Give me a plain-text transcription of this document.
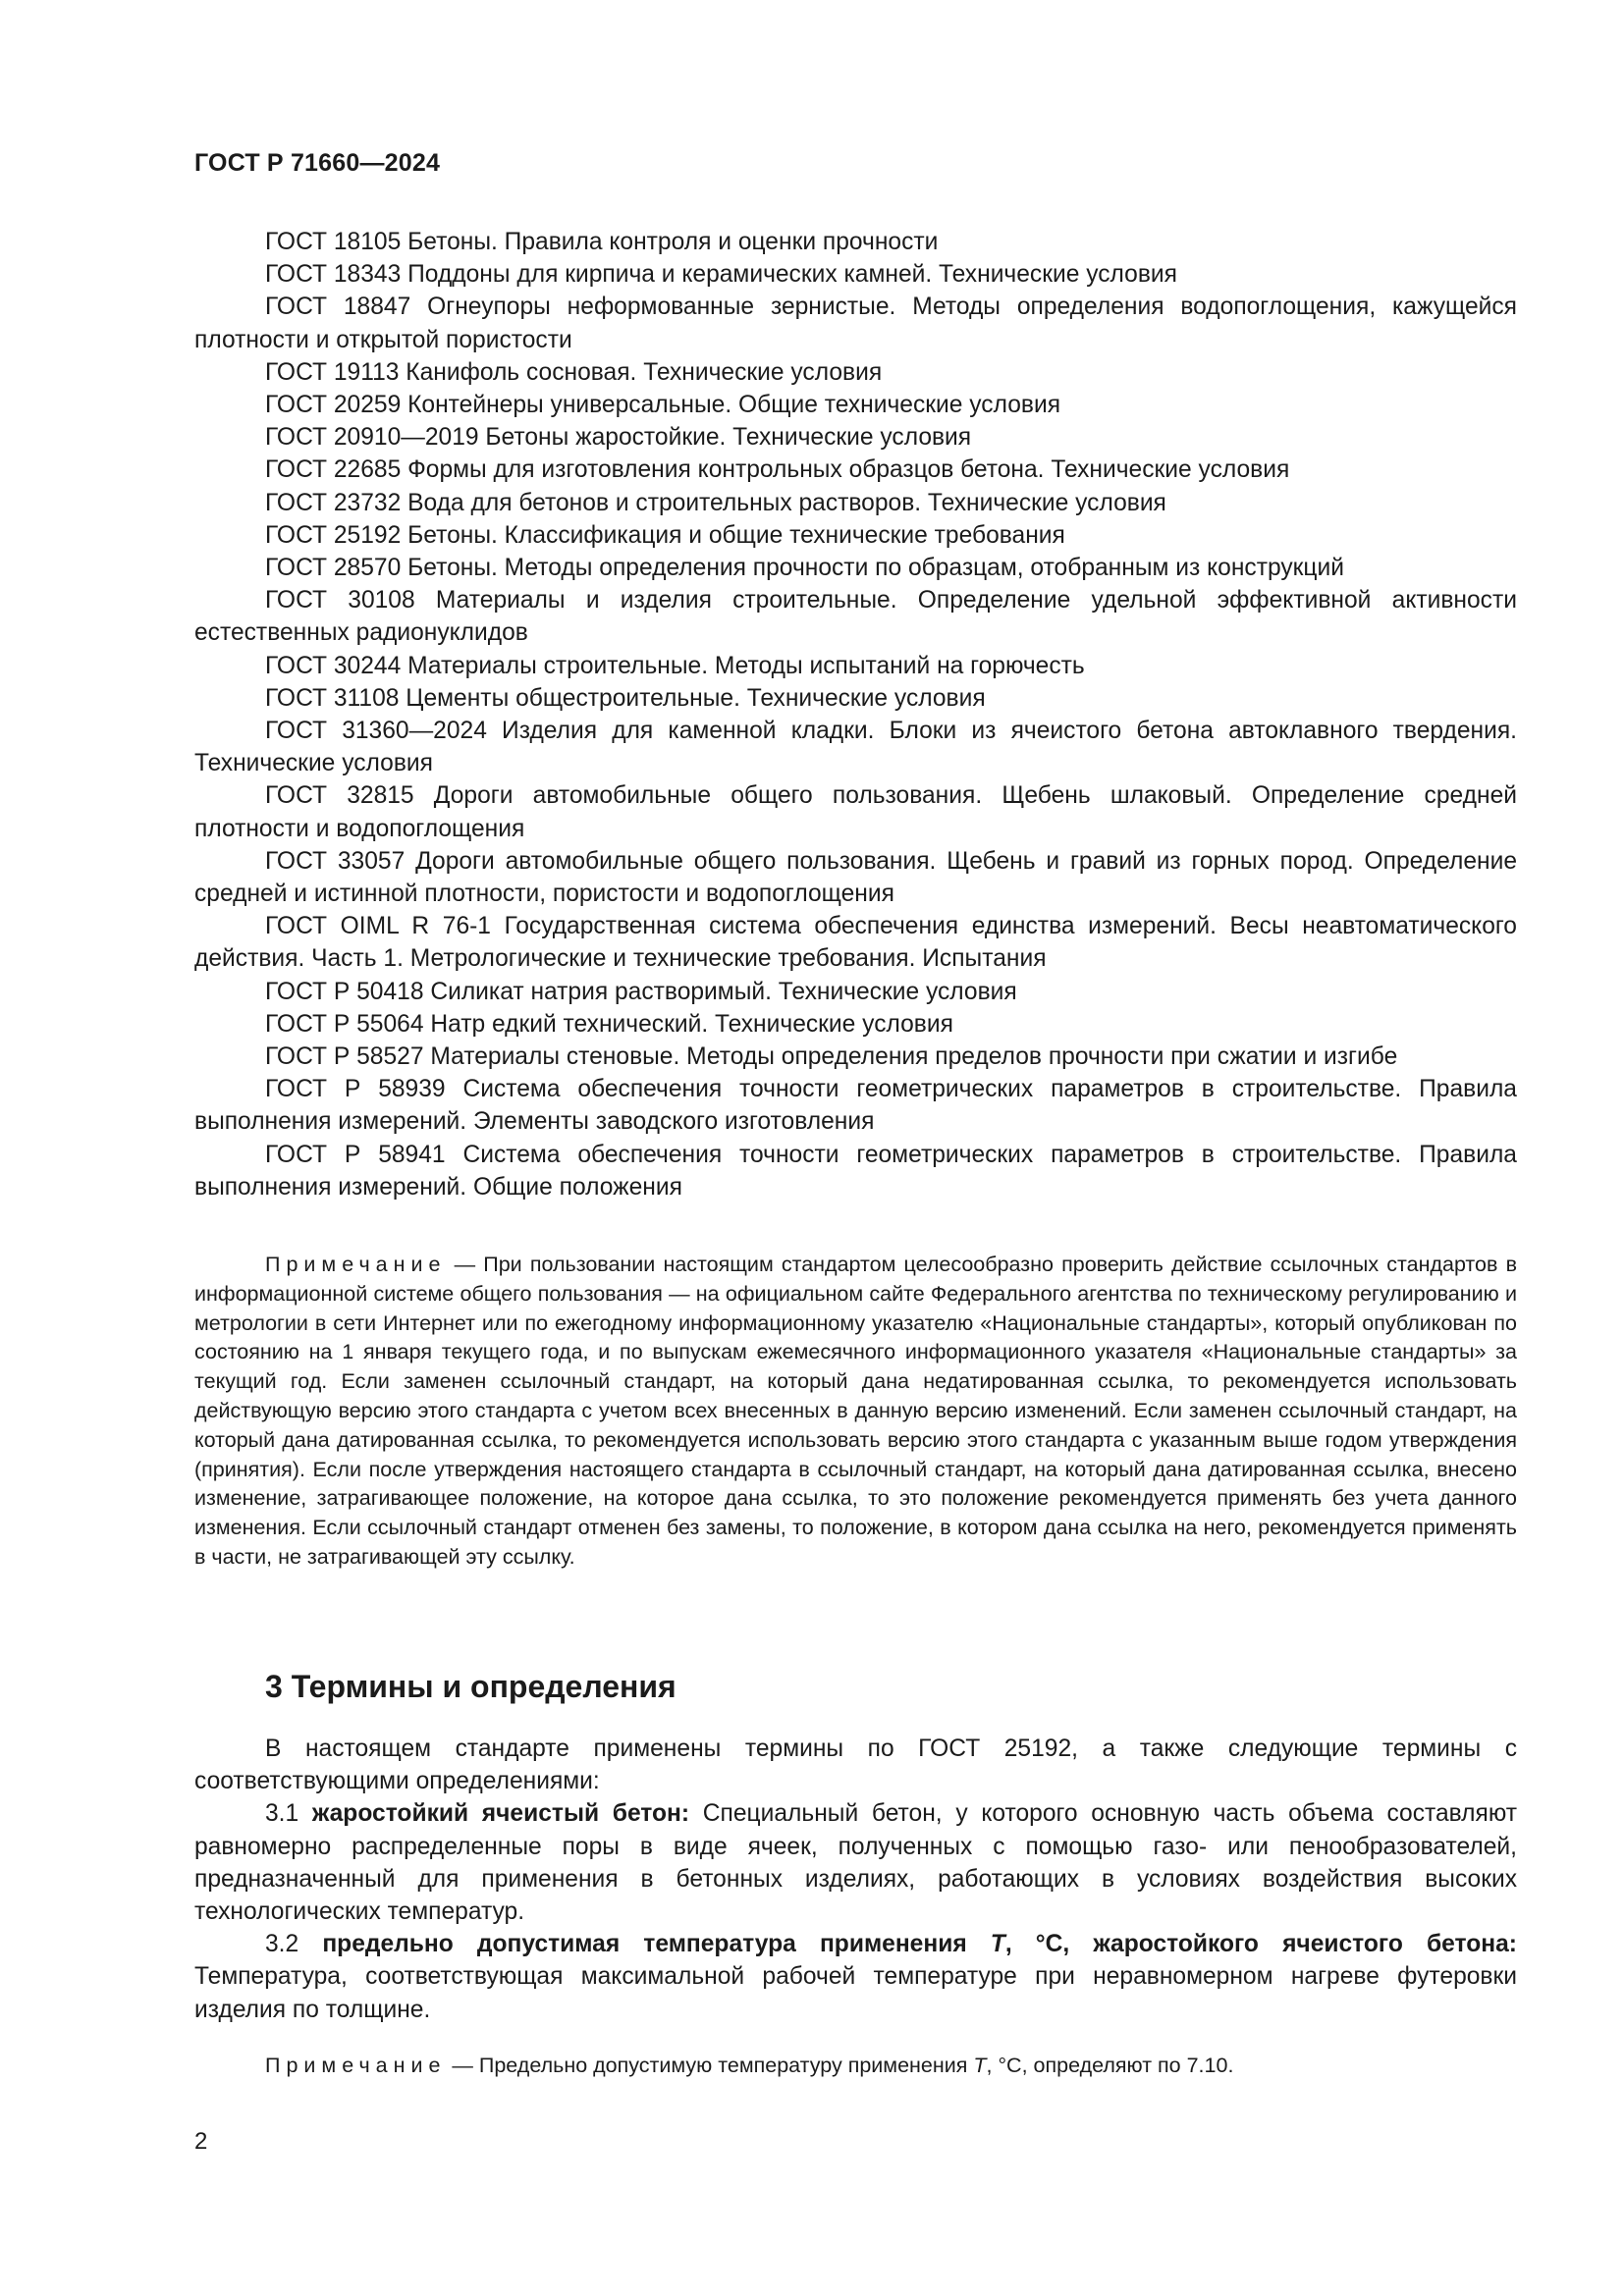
ГОСТ Р 71660—2024

ГОСТ 18105 Бетоны. Правила контроля и оценки прочности

ГОСТ 18343 Поддоны для кирпича и керамических камней. Технические условия

ГОСТ 18847 Огнеупоры неформованные зернистые. Методы определения водопоглощения, кажущейся плотности и открытой пористости

ГОСТ 19113 Канифоль сосновая. Технические условия

ГОСТ 20259 Контейнеры универсальные. Общие технические условия

ГОСТ 20910—2019 Бетоны жаростойкие. Технические условия

ГОСТ 22685 Формы для изготовления контрольных образцов бетона. Технические условия

ГОСТ 23732 Вода для бетонов и строительных растворов. Технические условия

ГОСТ 25192 Бетоны. Классификация и общие технические требования

ГОСТ 28570 Бетоны. Методы определения прочности по образцам, отобранным из конструкций

ГОСТ 30108 Материалы и изделия строительные. Определение удельной эффективной активности естественных радионуклидов

ГОСТ 30244 Материалы строительные. Методы испытаний на горючесть

ГОСТ 31108 Цементы общестроительные. Технические условия

ГОСТ 31360—2024 Изделия для каменной кладки. Блоки из ячеистого бетона автоклавного твердения. Технические условия

ГОСТ 32815 Дороги автомобильные общего пользования. Щебень шлаковый. Определение средней плотности и водопоглощения

ГОСТ 33057 Дороги автомобильные общего пользования. Щебень и гравий из горных пород. Определение средней и истинной плотности, пористости и водопоглощения

ГОСТ OIML R 76-1 Государственная система обеспечения единства измерений. Весы неавтоматического действия. Часть 1. Метрологические и технические требования. Испытания

ГОСТ Р 50418 Силикат натрия растворимый. Технические условия

ГОСТ Р 55064 Натр едкий технический. Технические условия

ГОСТ Р 58527 Материалы стеновые. Методы определения пределов прочности при сжатии и изгибе

ГОСТ Р 58939 Система обеспечения точности геометрических параметров в строительстве. Правила выполнения измерений. Элементы заводского изготовления

ГОСТ Р 58941 Система обеспечения точности геометрических параметров в строительстве. Правила выполнения измерений. Общие положения

Примечание — При пользовании настоящим стандартом целесообразно проверить действие ссылочных стандартов в информационной системе общего пользования — на официальном сайте Федерального агентства по техническому регулированию и метрологии в сети Интернет или по ежегодному информационному указателю «Национальные стандарты», который опубликован по состоянию на 1 января текущего года, и по выпускам ежемесячного информационного указателя «Национальные стандарты» за текущий год. Если заменен ссылочный стандарт, на который дана недатированная ссылка, то рекомендуется использовать действующую версию этого стандарта с учетом всех внесенных в данную версию изменений. Если заменен ссылочный стандарт, на который дана датированная ссылка, то рекомендуется использовать версию этого стандарта с указанным выше годом утверждения (принятия). Если после утверждения настоящего стандарта в ссылочный стандарт, на который дана датированная ссылка, внесено изменение, затрагивающее положение, на которое дана ссылка, то это положение рекомендуется применять без учета данного изменения. Если ссылочный стандарт отменен без замены, то положение, в котором дана ссылка на него, рекомендуется применять в части, не затрагивающей эту ссылку.

3 Термины и определения

В настоящем стандарте применены термины по ГОСТ 25192, а также следующие термины с соответствующими определениями:

3.1 жаростойкий ячеистый бетон: Специальный бетон, у которого основную часть объема составляют равномерно распределенные поры в виде ячеек, полученных с помощью газо- или пенообразователей, предназначенный для применения в бетонных изделиях, работающих в условиях воздействия высоких технологических температур.

3.2 предельно допустимая температура применения Т, °С, жаростойкого ячеистого бетона: Температура, соответствующая максимальной рабочей температуре при неравномерном нагреве футеровки изделия по толщине.

Примечание — Предельно допустимую температуру применения Т, °С, определяют по 7.10.

2
